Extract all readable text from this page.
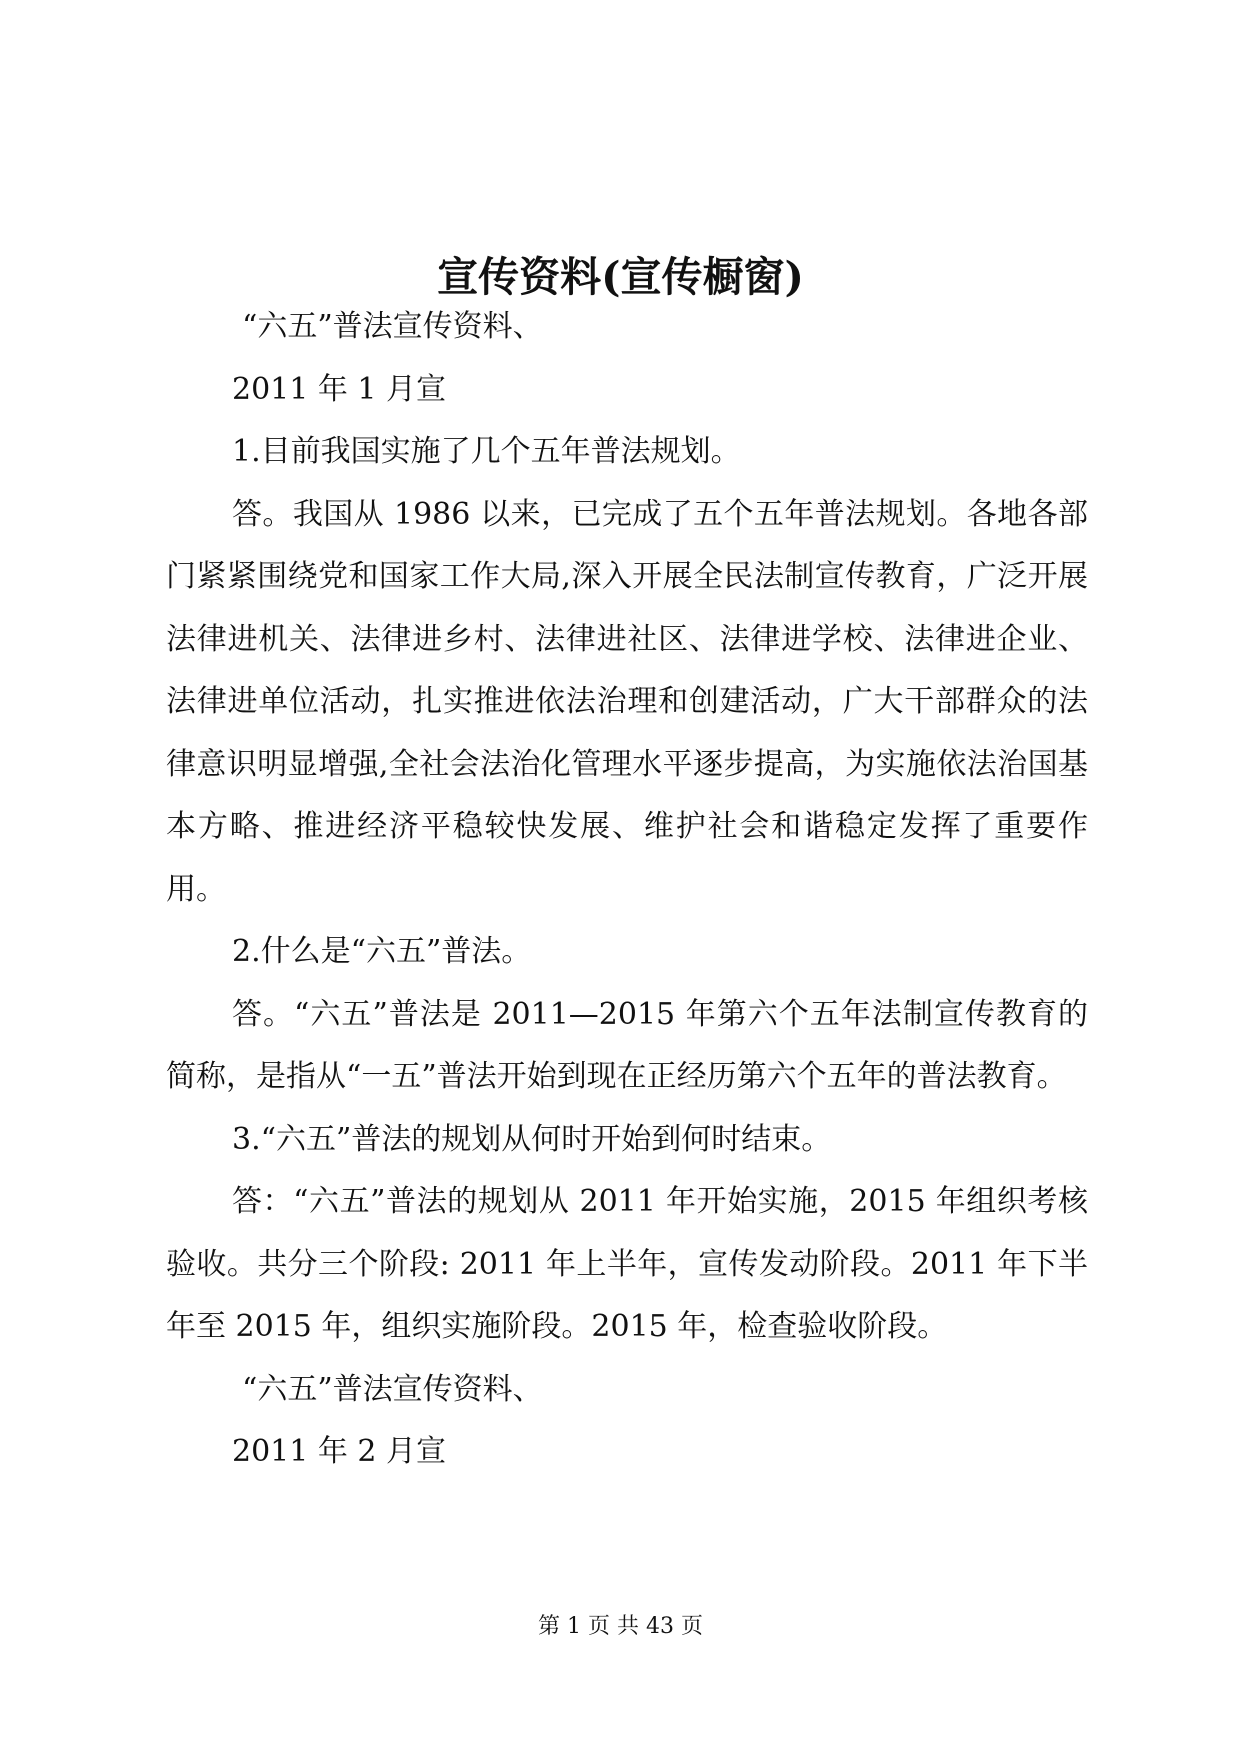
宣传资料(宣传橱窗)

“六五”普法宣传资料、

2011 年 1 月宣

1.目前我国实施了几个五年普法规划。

答。我国从 1986 以来，已完成了五个五年普法规划。各地各部门紧紧围绕党和国家工作大局,深入开展全民法制宣传教育，广泛开展法律进机关、法律进乡村、法律进社区、法律进学校、法律进企业、法律进单位活动，扎实推进依法治理和创建活动，广大干部群众的法律意识明显增强,全社会法治化管理水平逐步提高，为实施依法治国基本方略、推进经济平稳较快发展、维护社会和谐稳定发挥了重要作用。

2.什么是“六五”普法。

答。“六五”普法是 2011—2015 年第六个五年法制宣传教育的简称，是指从“一五”普法开始到现在正经历第六个五年的普法教育。

3.“六五”普法的规划从何时开始到何时结束。

答：“六五”普法的规划从 2011 年开始实施，2015 年组织考核验收。共分三个阶段: 2011 年上半年，宣传发动阶段。2011 年下半年至 2015 年，组织实施阶段。2015 年，检查验收阶段。

“六五”普法宣传资料、

2011 年 2 月宣

第 1 页 共 43 页
